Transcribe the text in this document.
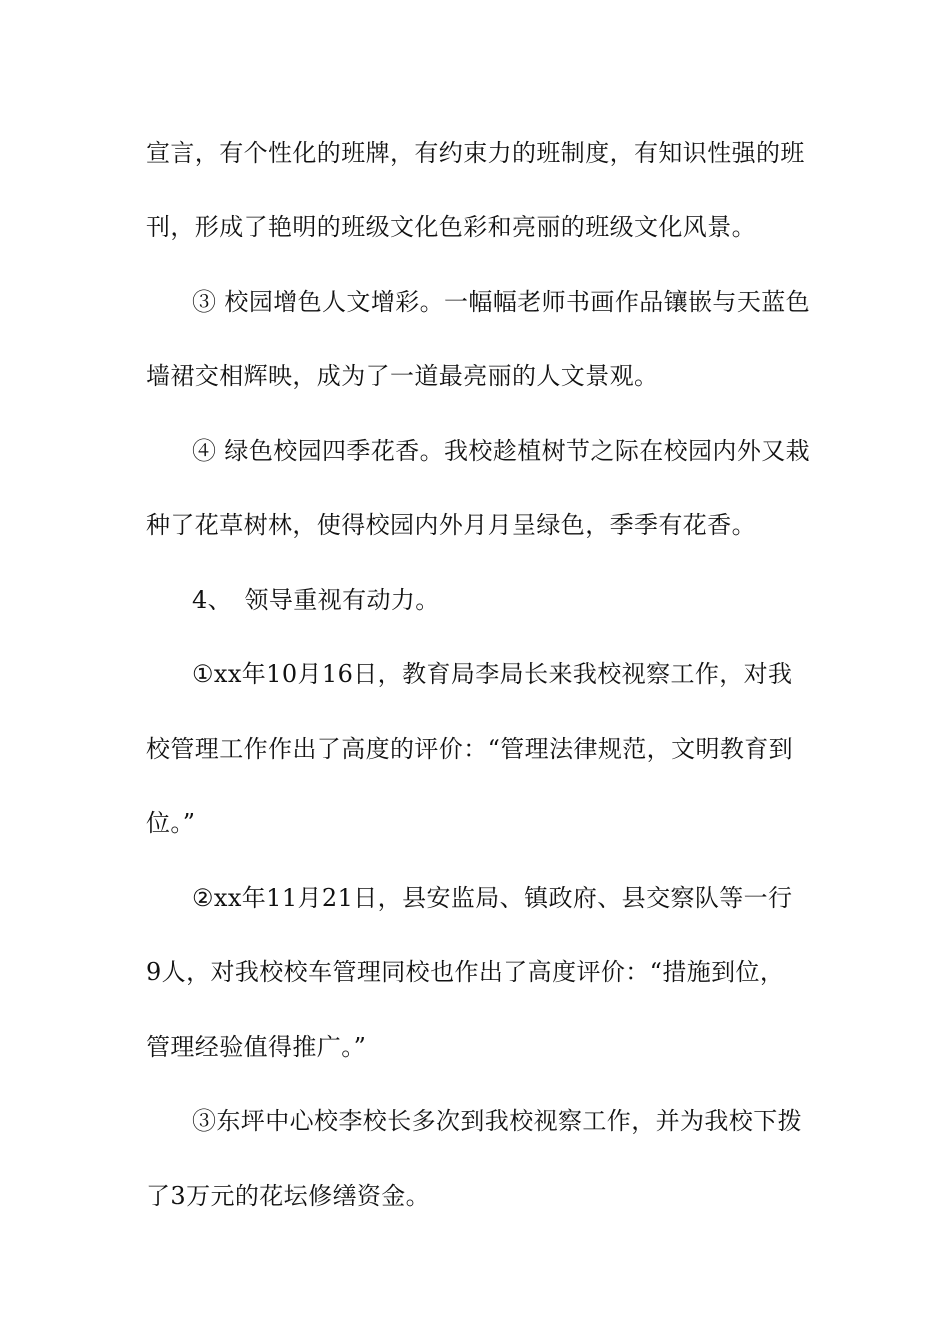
宣言，有个性化的班牌，有约束力的班制度，有知识性强的班
刊，形成了艳明的班级文化色彩和亮丽的班级文化风景。
③ 校园增色人文增彩。一幅幅老师书画作品镶嵌与天蓝色
墙裙交相辉映，成为了一道最亮丽的人文景观。
④ 绿色校园四季花香。我校趁植树节之际在校园内外又栽
种了花草树林，使得校园内外月月呈绿色，季季有花香。
4、　领导重视有动力。
①xx年10月16日，教育局李局长来我校视察工作，对我
校管理工作作出了高度的评价：“管理法律规范，文明教育到
位。”
②xx年11月21日，县安监局、镇政府、县交察队等一行
9人，对我校校车管理同校也作出了高度评价：“措施到位，
管理经验值得推广。”
③东坪中心校李校长多次到我校视察工作，并为我校下拨
了3万元的花坛修缮资金。
